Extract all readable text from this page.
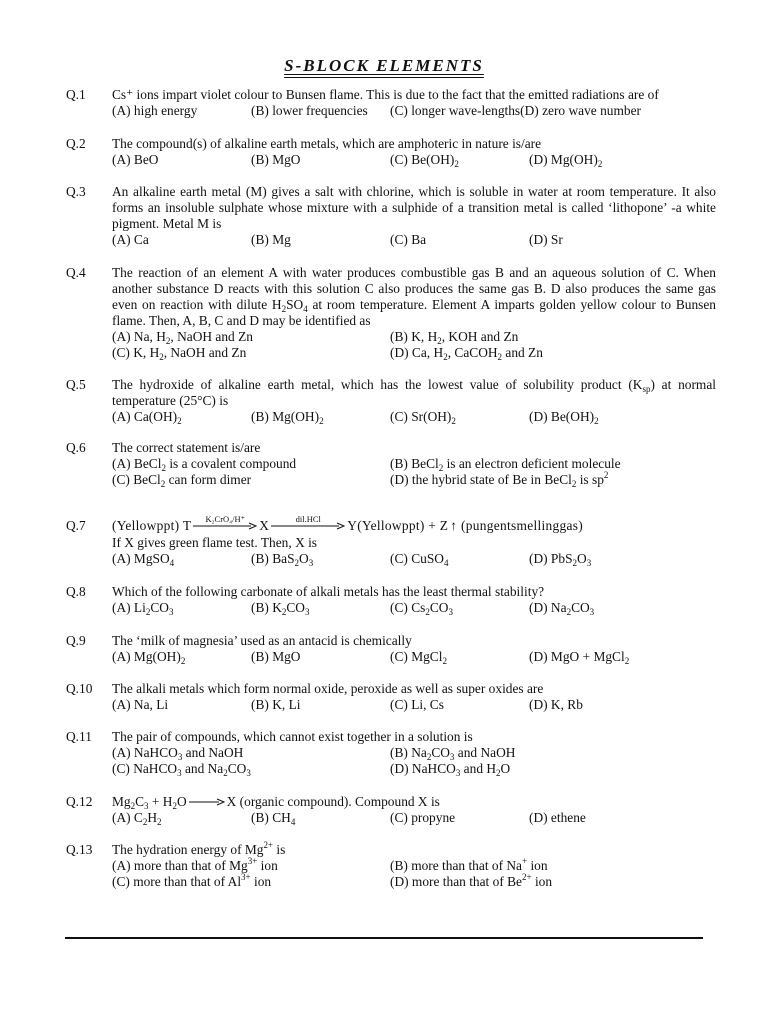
S-BLOCK ELEMENTS
Q.1 Cs⁺ ions impart violet colour to Bunsen flame. This is due to the fact that the emitted radiations are of
(A) high energy	(B) lower frequencies (C) longer wave-lengths(D) zero wave number
Q.2 The compound(s) of alkaline earth metals, which are amphoteric in nature is/are
(A) BeO	(B) MgO	(C) $Be(OH)_2$	(D) $Mg(OH)_2$
Q.3 An alkaline earth metal (M) gives a salt with chlorine, which is soluble in water at room temperature. It also forms an insoluble sulphate whose mixture with a sulphide of a transition metal is called ‘lithopone’ -a white pigment. Metal M is
(A) Ca	(B) Mg	(C) Ba	(D) Sr
Q.4 The reaction of an element A with water produces combustible gas B and an aqueous solution of C. When another substance D reacts with this solution C also produces the same gas B. D also produces the same gas even on reaction with dilute $H_2SO_4$ at room temperature. Element A imparts golden yellow colour to Bunsen flame. Then, A, B, C and D may be identified as
(A) Na, $H_2$, NaOH and Zn	(B) K, $H_2$, KOH and Zn
(C) K, $H_2$, NaOH and Zn	(D) Ca, $H_2$, CaCOH$_2$ and Zn
Q.5 The hydroxide of alkaline earth metal, which has the lowest value of solubility product $(K_{sp})$ at normal temperature (25°C) is
(A) $Ca(OH)_2$	(B) $Mg(OH)_2$	(C) $Sr(OH)_2$	(D) $Be(OH)_2$
Q.6 The correct statement is/are
(A) BeCl$_2$ is a covalent compound	(B) BeCl$_2$ is an electron deficient molecule
(C) BeCl$_2$ can form dimer	(D) the hybrid state of Be in BeCl$_2$ is $sp^2$
Q.7 (Yellowppt) T	K₂CrO₄/H⁺	X	dil.HCl	Y(Yellowppt) + Z ↑ (pungentsmellinggas)
If X gives green flame test. Then, X is
(A) MgSO$_4$	(B) $BaS_2O_3$	(C) CuSO$_4$	(D) $PbS_2O_3$
Q.8 Which of the following carbonate of alkali metals has the least thermal stability?
(A) $Li_2CO_3$	(B) $K_2CO_3$	(C) $Cs_2CO_3$	(D) $Na_2CO_3$
Q.9 The ‘milk of magnesia’ used as an antacid is chemically
(A) $Mg(OH)_2$	(B) MgO	(C) MgCl$_2$	(D) MgO + MgCl$_2$
Q.10 The alkali metals which form normal oxide, peroxide as well as super oxides are
(A) Na, Li	(B) K, Li	(C) Li, Cs	(D) K, Rb
Q.11 The pair of compounds, which cannot exist together in a solution is
(A) NaHCO$_3$ and NaOH	(B) $Na_2CO_3$ and NaOH
(C) NaHCO$_3$ and $Na_2CO_3$	(D) NaHCO$_3$ and $H_2O$
Q.12 $Mg_2C_3 + H_2O$	X (organic compound). Compound X is
(A) $C_2H_2$	(B) $CH_4$	(C) propyne	(D) ethene
Q.13 The hydration energy of $Mg^{2+}$ is
(A) more than that of $Mg^{3+}$ ion	(B) more than that of Na+ ion
(C) more than that of $Al^{3+}$ ion	(D) more than that of $Be^{2+}$ ion
